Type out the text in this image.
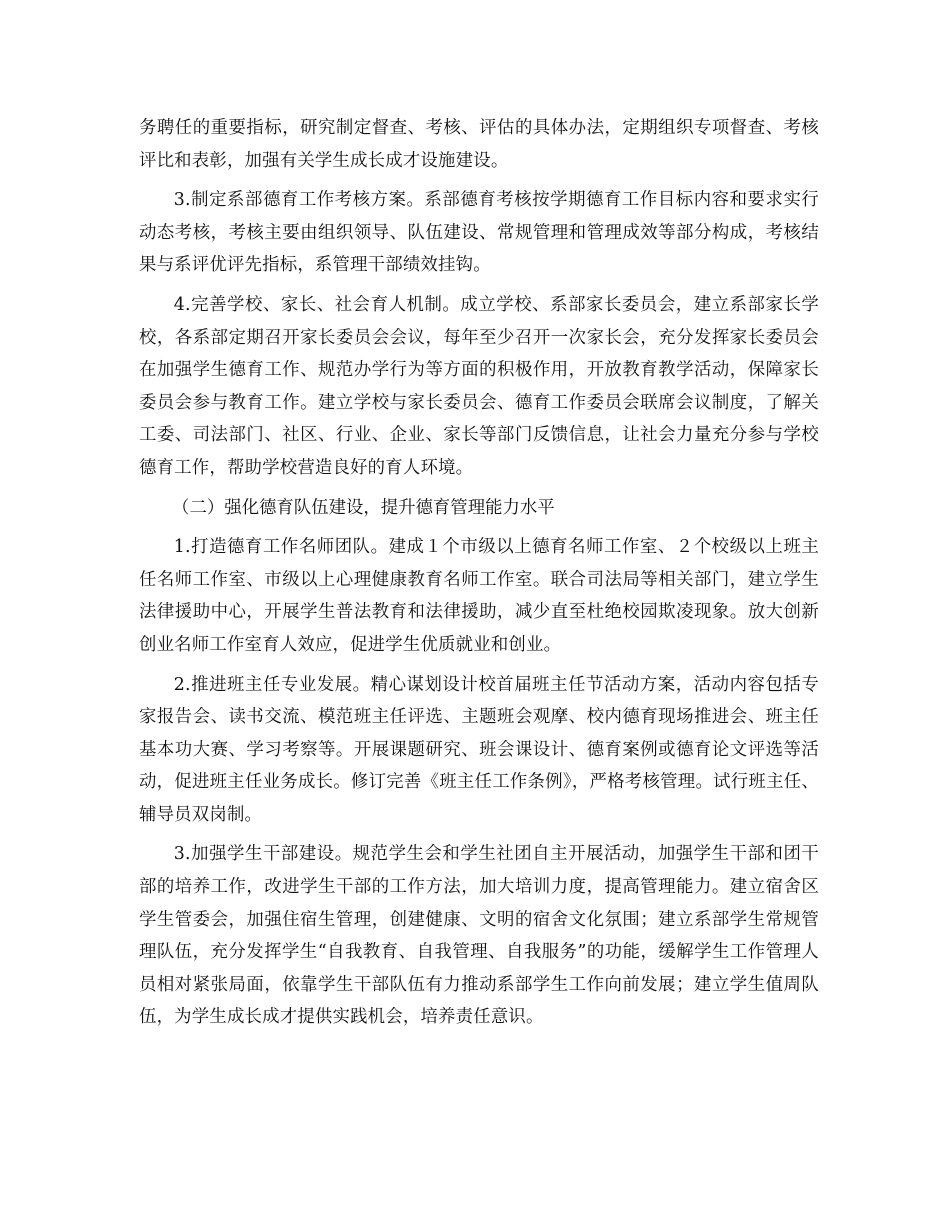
务聘任的重要指标，研究制定督查、考核、评估的具体办法，定期组织专项督查、考核评比和表彰，加强有关学生成长成才设施建设。

3.制定系部德育工作考核方案。系部德育考核按学期德育工作目标内容和要求实行动态考核，考核主要由组织领导、队伍建设、常规管理和管理成效等部分构成，考核结果与系评优评先指标，系管理干部绩效挂钩。

4.完善学校、家长、社会育人机制。成立学校、系部家长委员会，建立系部家长学校，各系部定期召开家长委员会会议，每年至少召开一次家长会，充分发挥家长委员会在加强学生德育工作、规范办学行为等方面的积极作用，开放教育教学活动，保障家长委员会参与教育工作。建立学校与家长委员会、德育工作委员会联席会议制度，了解关工委、司法部门、社区、行业、企业、家长等部门反馈信息，让社会力量充分参与学校德育工作，帮助学校营造良好的育人环境。

（二）强化德育队伍建设，提升德育管理能力水平

1.打造德育工作名师团队。建成１个市级以上德育名师工作室、２个校级以上班主任名师工作室、市级以上心理健康教育名师工作室。联合司法局等相关部门，建立学生法律援助中心，开展学生普法教育和法律援助，减少直至杜绝校园欺凌现象。放大创新创业名师工作室育人效应，促进学生优质就业和创业。

2.推进班主任专业发展。精心谋划设计校首届班主任节活动方案，活动内容包括专家报告会、读书交流、模范班主任评选、主题班会观摩、校内德育现场推进会、班主任基本功大赛、学习考察等。开展课题研究、班会课设计、德育案例或德育论文评选等活动，促进班主任业务成长。修订完善《班主任工作条例》，严格考核管理。试行班主任、辅导员双岗制。

3.加强学生干部建设。规范学生会和学生社团自主开展活动，加强学生干部和团干部的培养工作，改进学生干部的工作方法，加大培训力度，提高管理能力。建立宿舍区学生管委会，加强住宿生管理，创建健康、文明的宿舍文化氛围；建立系部学生常规管理队伍，充分发挥学生“自我教育、自我管理、自我服务”的功能，缓解学生工作管理人员相对紧张局面，依靠学生干部队伍有力推动系部学生工作向前发展；建立学生值周队伍，为学生成长成才提供实践机会，培养责任意识。
